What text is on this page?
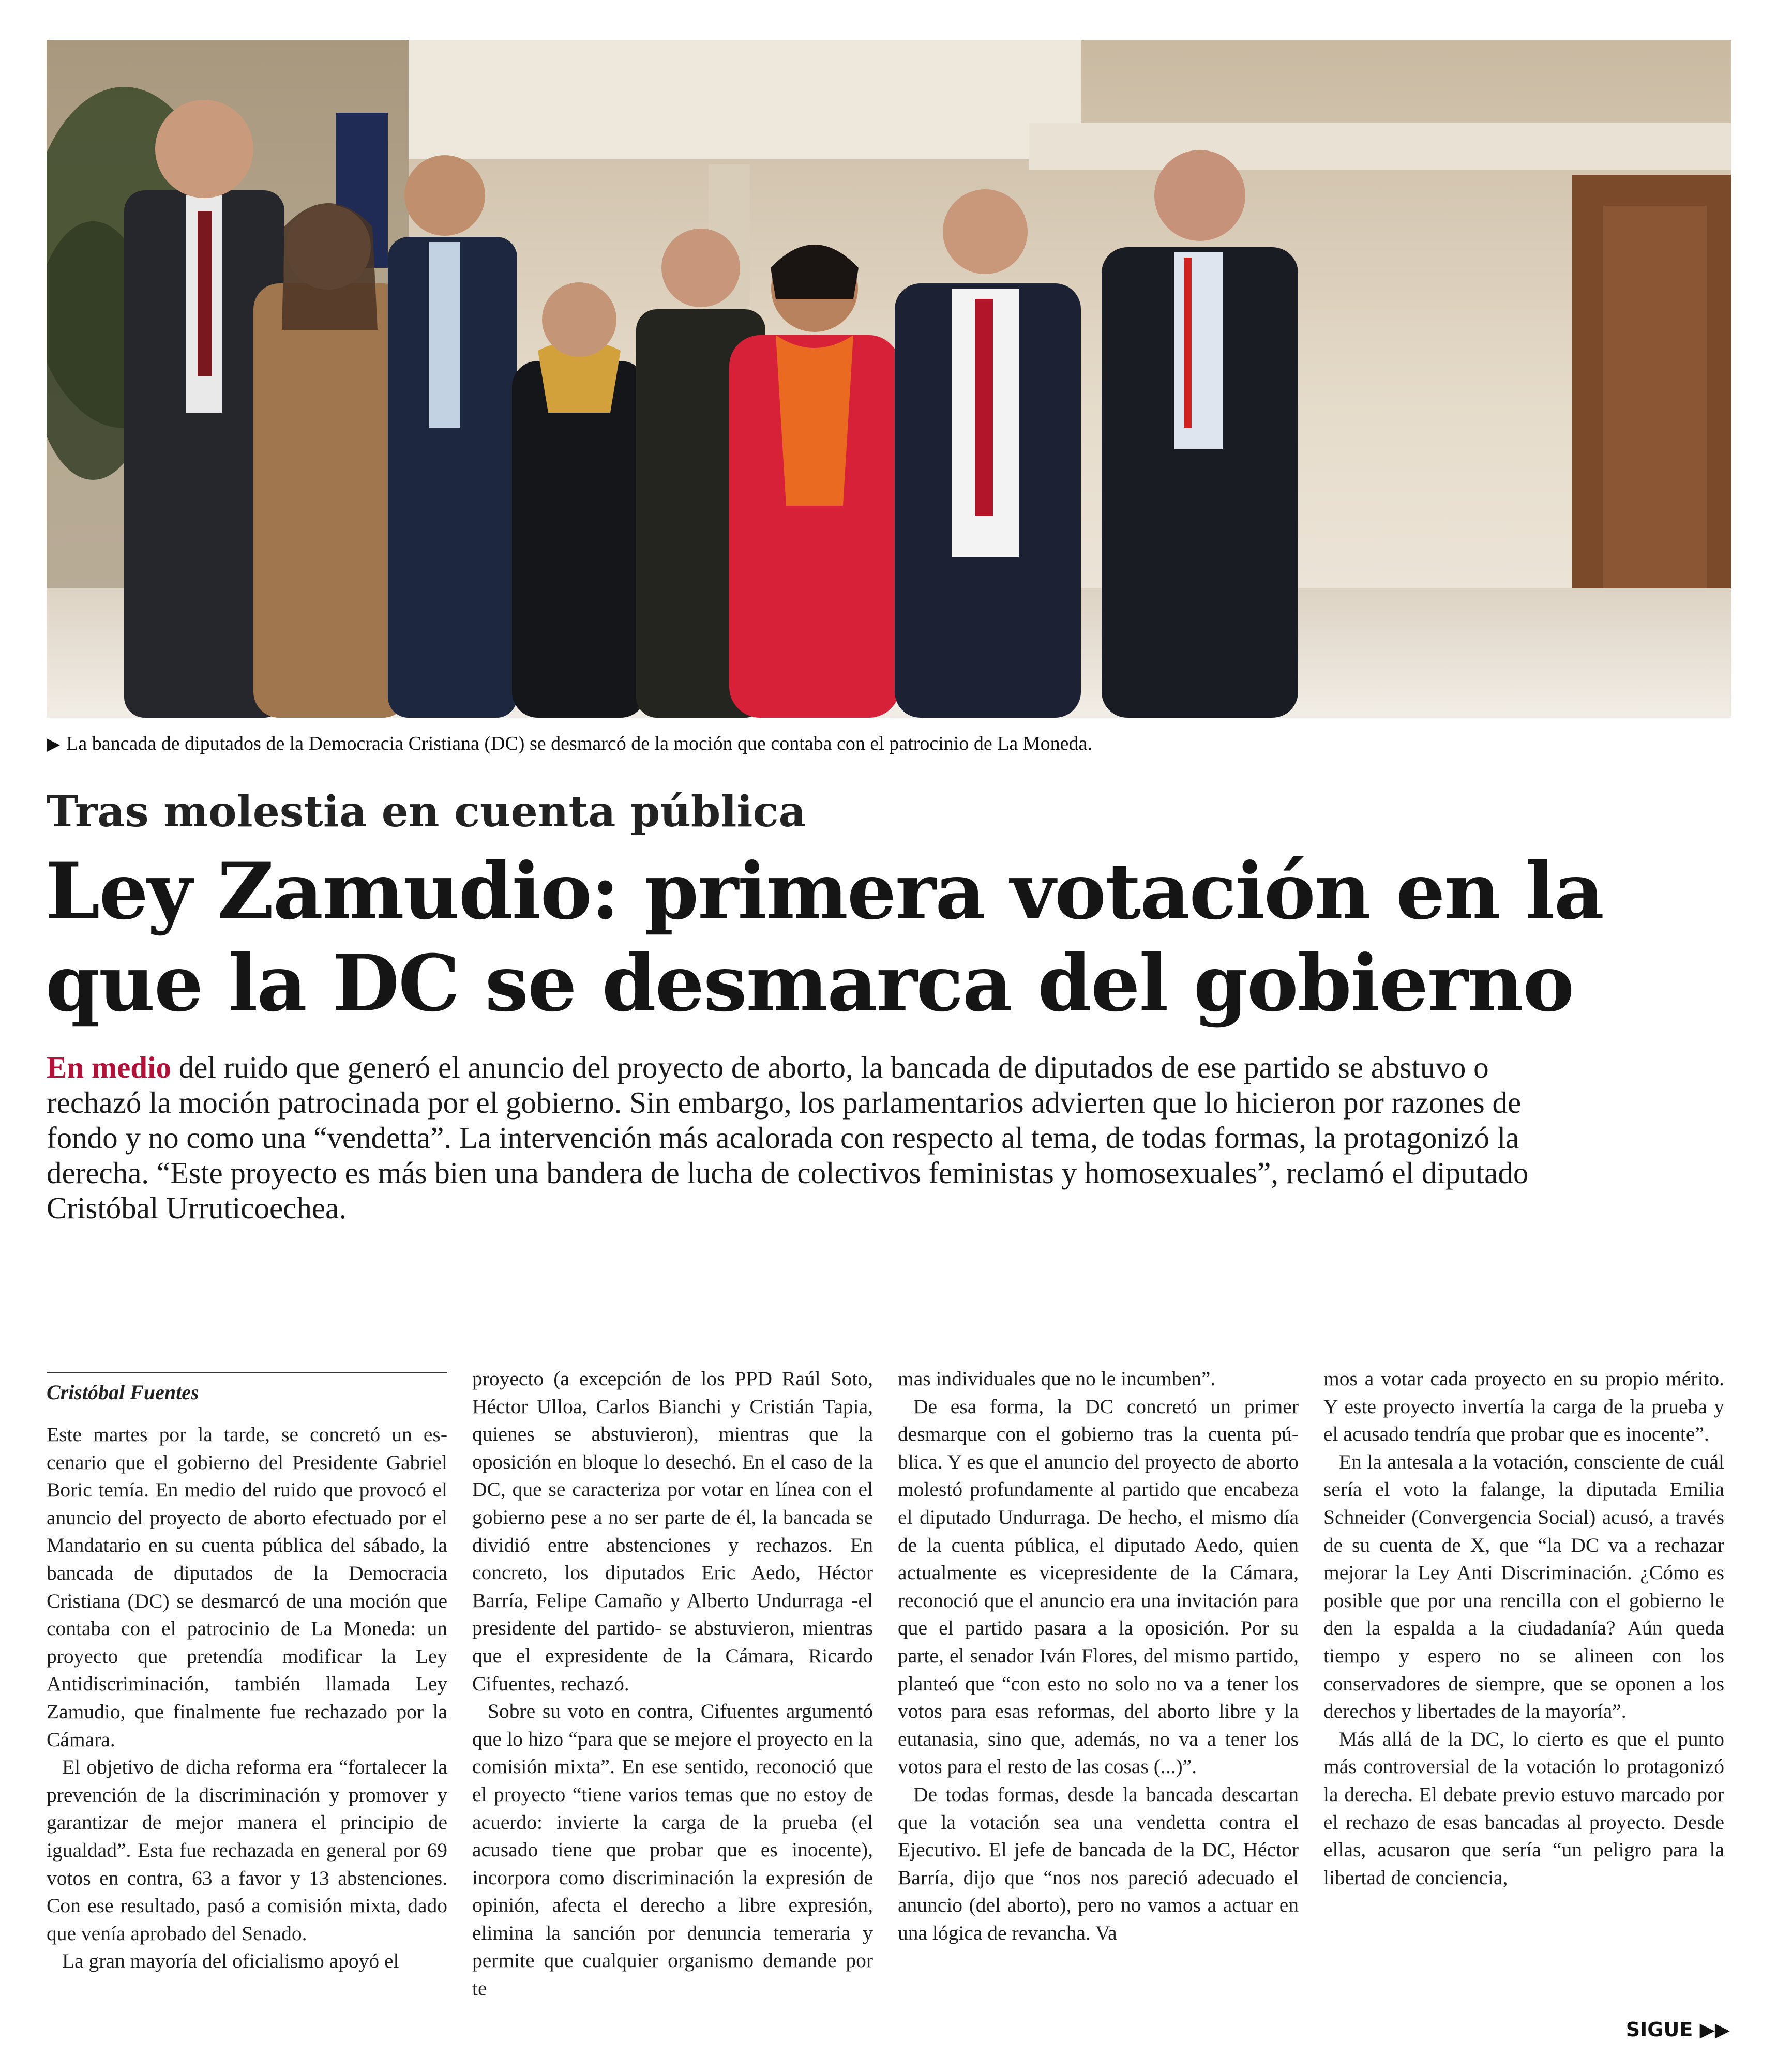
▶ La bancada de diputados de la Democracia Cristiana (DC) se desmarcó de la moción que contaba con el patrocinio de La Moneda.
Tras molestia en cuenta pública
Ley Zamudio: primera votación en la
que la DC se desmarca del gobierno
En medio del ruido que generó el anuncio del proyecto de aborto, la bancada de diputados de ese partido se abstuvo o rechazó la moción patrocinada por el gobierno. Sin embargo, los parlamentarios advierten que lo hicieron por razones de fondo y no como una “vendetta”. La intervención más acalorada con respecto al tema, de todas formas, la protagonizó la derecha. “Este proyecto es más bien una bandera de lucha de colectivos feministas y homosexuales”, reclamó el diputado Cristóbal Urruticoechea.
Cristóbal Fuentes

Este martes por la tarde, se concretó un escenario que el gobierno del Presidente Gabriel Boric temía. En medio del ruido que provocó el anuncio del proyecto de aborto efectuado por el Mandatario en su cuenta pública del sábado, la bancada de diputados de la Democracia Cristiana (DC) se desmarcó de una moción que contaba con el patrocinio de La Moneda: un proyecto que pretendía modificar la Ley Antidiscriminación, también llamada Ley Zamudio, que finalmente fue rechazado por la Cámara.

El objetivo de dicha reforma era “fortalecer la prevención de la discriminación y promover y garantizar de mejor manera el principio de igualdad”. Esta fue rechazada en general por 69 votos en contra, 63 a favor y 13 abstenciones. Con ese resultado, pasó a comisión mixta, dado que venía aprobado del Senado.

La gran mayoría del oficialismo apoyó el

proyecto (a excepción de los PPD Raúl Soto, Héctor Ulloa, Carlos Bianchi y Cristián Tapia, quienes se abstuvieron), mientras que la oposición en bloque lo desechó. En el caso de la DC, que se caracteriza por votar en línea con el gobierno pese a no ser parte de él, la bancada se dividió entre abstenciones y rechazos. En concreto, los diputados Eric Aedo, Héctor Barría, Felipe Camaño y Alberto Undurraga -el presidente del partido- se abstuvieron, mientras que el expresidente de la Cámara, Ricardo Cifuentes, rechazó.

Sobre su voto en contra, Cifuentes argumentó que lo hizo “para que se mejore el proyecto en la comisión mixta”. En ese sentido, reconoció que el proyecto “tiene varios temas que no estoy de acuerdo: invierte la carga de la prueba (el acusado tiene que probar que es inocente), incorpora como discriminación la expresión de opinión, afecta el derecho a libre expresión, elimina la sanción por denuncia temeraria y permite que cualquier organismo demande por te

mas individuales que no le incumben”.

De esa forma, la DC concretó un primer desmarque con el gobierno tras la cuenta pública. Y es que el anuncio del proyecto de aborto molestó profundamente al partido que encabeza el diputado Undurraga. De hecho, el mismo día de la cuenta pública, el diputado Aedo, quien actualmente es vicepresidente de la Cámara, reconoció que el anuncio era una invitación para que el partido pasara a la oposición. Por su parte, el senador Iván Flores, del mismo partido, planteó que “con esto no solo no va a tener los votos para esas reformas, del aborto libre y la eutanasia, sino que, además, no va a tener los votos para el resto de las cosas (...)”.

De todas formas, desde la bancada descartan que la votación sea una vendetta contra el Ejecutivo. El jefe de bancada de la DC, Héctor Barría, dijo que “nos nos pareció adecuado el anuncio (del aborto), pero no vamos a actuar en una lógica de revancha. Va

mos a votar cada proyecto en su propio mérito. Y este proyecto invertía la carga de la prueba y el acusado tendría que probar que es inocente”.

En la antesala a la votación, consciente de cuál sería el voto la falange, la diputada Emilia Schneider (Convergencia Social) acusó, a través de su cuenta de X, que “la DC va a rechazar mejorar la Ley Anti Discriminación. ¿Cómo es posible que por una rencilla con el gobierno le den la espalda a la ciudadanía? Aún queda tiempo y espero no se alineen con los conservadores de siempre, que se oponen a los derechos y libertades de la mayoría”.

Más allá de la DC, lo cierto es que el punto más controversial de la votación lo protagonizó la derecha. El debate previo estuvo marcado por el rechazo de esas bancadas al proyecto. Desde ellas, acusaron que sería “un peligro para la libertad de conciencia,

SIGUE ▶▶
